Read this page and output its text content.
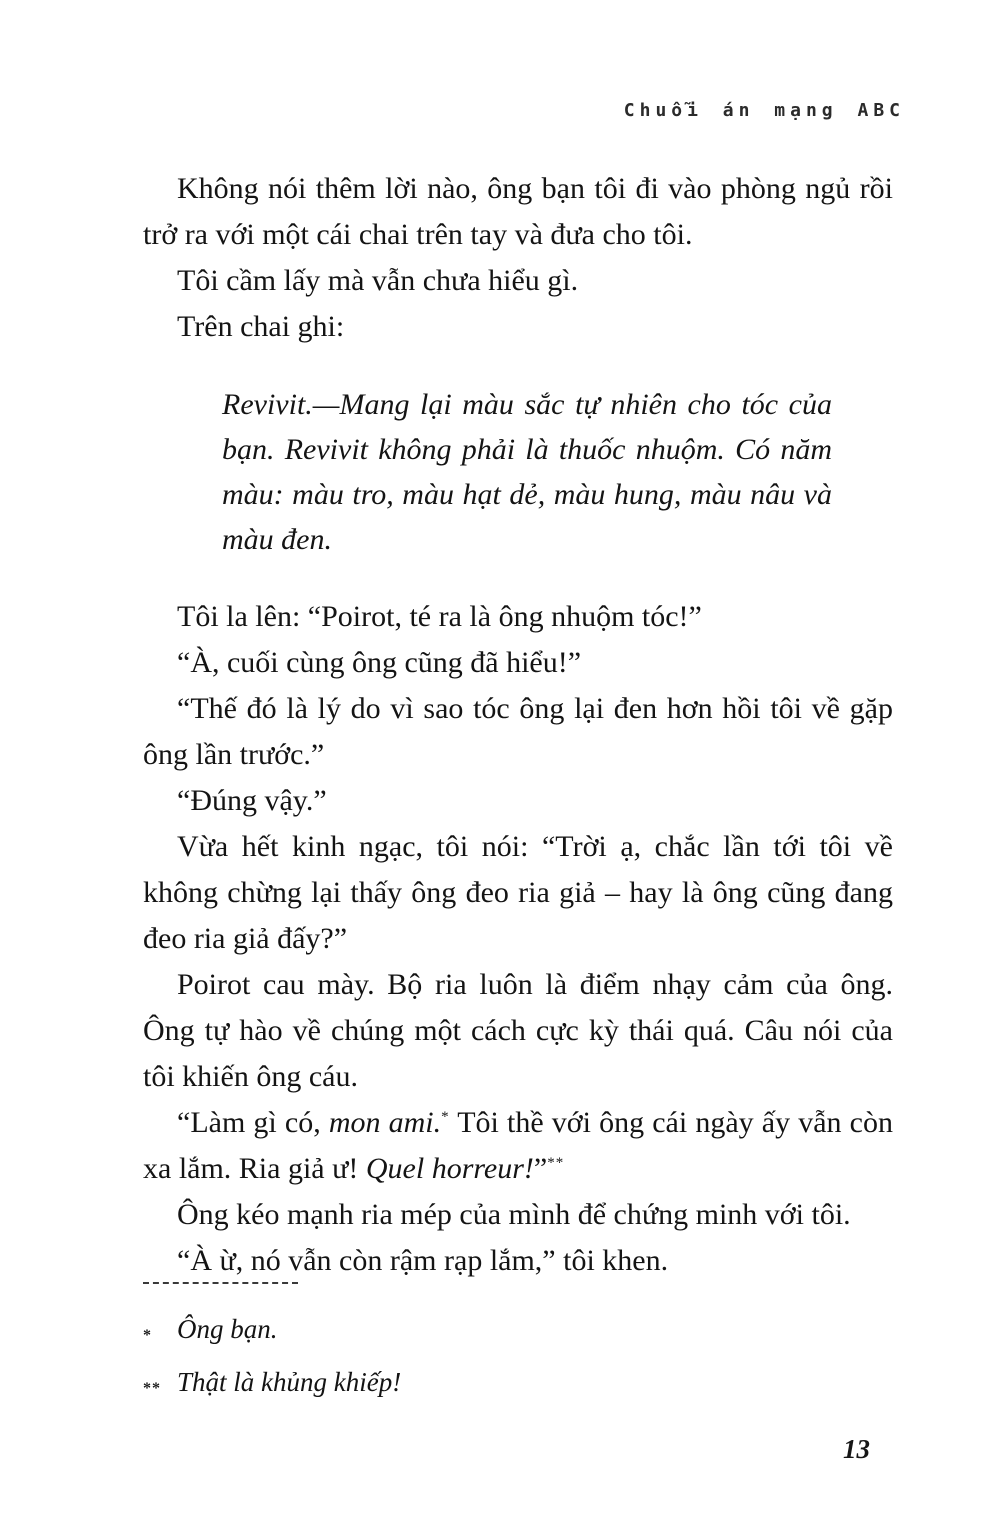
Chuỗi án mạng ABC

Không nói thêm lời nào, ông bạn tôi đi vào phòng ngủ rồi trở ra với một cái chai trên tay và đưa cho tôi.

Tôi cầm lấy mà vẫn chưa hiểu gì.

Trên chai ghi:

Revivit.—Mang lại màu sắc tự nhiên cho tóc của bạn. Revivit không phải là thuốc nhuộm. Có năm màu: màu tro, màu hạt dẻ, màu hung, màu nâu và màu đen.

Tôi la lên: “Poirot, té ra là ông nhuộm tóc!”

“À, cuối cùng ông cũng đã hiểu!”

“Thế đó là lý do vì sao tóc ông lại đen hơn hồi tôi về gặp ông lần trước.”

“Đúng vậy.”

Vừa hết kinh ngạc, tôi nói: “Trời ạ, chắc lần tới tôi về không chừng lại thấy ông đeo ria giả – hay là ông cũng đang đeo ria giả đấy?”

Poirot cau mày. Bộ ria luôn là điểm nhạy cảm của ông. Ông tự hào về chúng một cách cực kỳ thái quá. Câu nói của tôi khiến ông cáu.

“Làm gì có, mon ami.* Tôi thề với ông cái ngày ấy vẫn còn xa lắm. Ria giả ư! Quel horreur!”**

Ông kéo mạnh ria mép của mình để chứng minh với tôi.

“À ừ, nó vẫn còn rậm rạp lắm,” tôi khen.

* Ông bạn.
** Thật là khủng khiếp!
13
